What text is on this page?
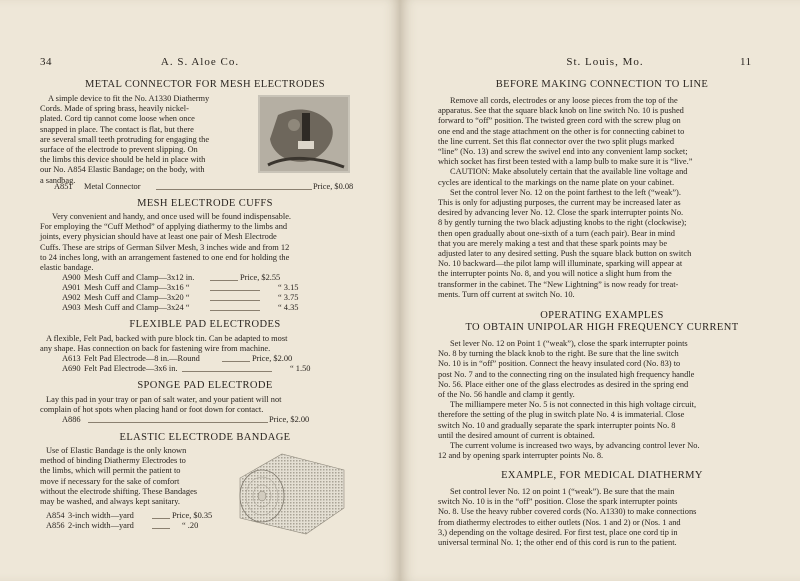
34	A. S. Aloe Co.
METAL CONNECTOR FOR MESH ELECTRODES

A simple device to fit the No. A1330 Diathermy

Cords. Made of spring brass, heavily nickel-

plated. Cord tip cannot come loose when once

snapped in place. The contact is flat, but there

are several small teeth protruding for engaging the

surface of the electrode to prevent slipping. On

the limbs this device should be held in place with

our No. A854 Elastic Bandage; on the body, with

a sandbag.

A851 Metal Connector	Price, $0.08
MESH ELECTRODE CUFFS

Very convenient and handy, and once used will be found indispensable.

For employing the “Cuff Method” of applying diathermy to the limbs and

joints, every physician should have at least one pair of Mesh Electrode

Cuffs. These are strips of German Silver Mesh, 3 inches wide and from 12

to 24 inches long, with an arrangement fastened to one end for holding the

elastic bandage.

A900 Mesh Cuff and Clamp—3x12 in.	Price, $2.55
A901 Mesh Cuff and Clamp—3x16 “	“ 3.15
A902 Mesh Cuff and Clamp—3x20 “	“ 3.75
A903 Mesh Cuff and Clamp—3x24 “	“ 4.35
FLEXIBLE PAD ELECTRODES

A flexible, Felt Pad, backed with pure block tin. Can be adapted to most

any shape. Has connection on back for fastening wire from machine.

A613 Felt Pad Electrode—8 in.—Round	Price, $2.00
A690 Felt Pad Electrode—3x6 in.	“ 1.50
SPONGE PAD ELECTRODE

Lay this pad in your tray or pan of salt water, and your patient will not

complain of hot spots when placing hand or foot down for contact.

A886	Price, $2.00
ELASTIC ELECTRODE BANDAGE

Use of Elastic Bandage is the only known

method of binding Diathermy Electrodes to

the limbs, which will permit the patient to

move if necessary for the sake of comfort

without the electrode shifting. These Bandages

may be washed, and always kept sanitary.

A854 3-inch width—yard	Price, $0.35
A856 2-inch width—yard	“ .20
St. Louis, Mo.	11
BEFORE MAKING CONNECTION TO LINE

Remove all cords, electrodes or any loose pieces from the top of the

apparatus. See that the square black knob on line switch No. 10 is pushed

forward to “off” position. The twisted green cord with the screw plug on

one end and the stage attachment on the other is for connecting cabinet to

the line current. Set this flat connector over the two split plugs marked

“line” (No. 13) and screw the swivel end into any convenient lamp socket;

which socket has first been tested with a lamp bulb to make sure it is “live.”

CAUTION: Make absolutely certain that the available line voltage and

cycles are identical to the markings on the name plate on your cabinet.

Set the control lever No. 12 on the point farthest to the left (“weak”).

This is only for adjusting purposes, the current may be increased later as

desired by advancing lever No. 12. Close the spark interrupter points No.

8 by gently turning the two black adjusting knobs to the right (clockwise);

then open gradually about one-sixth of a turn (each pair). Bear in mind

that you are merely making a test and that these spark points may be

adjusted later to any desired setting. Push the square black button on switch

No. 10 backward—the pilot lamp will illuminate, sparking will appear at

the interrupter points No. 8, and you will notice a slight hum from the

transformer in the cabinet. The “New Lightning” is now ready for treat-

ments. Turn off current at switch No. 10.

OPERATING EXAMPLES
TO OBTAIN UNIPOLAR HIGH FREQUENCY CURRENT

Set lever No. 12 on Point 1 (“weak”), close the spark interrupter points

No. 8 by turning the black knob to the right. Be sure that the line switch

No. 10 is in “off” position. Connect the heavy insulated cord (No. 83) to

post No. 7 and to the connecting ring on the insulated high frequency handle

No. 56. Place either one of the glass electrodes as desired in the spring end

of the No. 56 handle and clamp it gently.

The milliampere meter No. 5 is not connected in this high voltage circuit,

therefore the setting of the plug in switch plate No. 4 is immaterial. Close

switch No. 10 and gradually separate the spark interrupter points No. 8

until the desired amount of current is obtained.

The current volume is increased two ways, by advancing control lever No.

12 and by opening spark interrupter points No. 8.

EXAMPLE, FOR MEDICAL DIATHERMY

Set control lever No. 12 on point 1 (“weak”). Be sure that the main

switch No. 10 is in the “off” position. Close the spark interrupter points

No. 8. Use the heavy rubber covered cords (No. A1330) to make connections

from diathermy electrodes to either outlets (Nos. 1 and 2) or (Nos. 1 and

3,) depending on the voltage desired. For first test, place one cord tip in

universal terminal No. 1; the other end of this cord is run to the patient.
